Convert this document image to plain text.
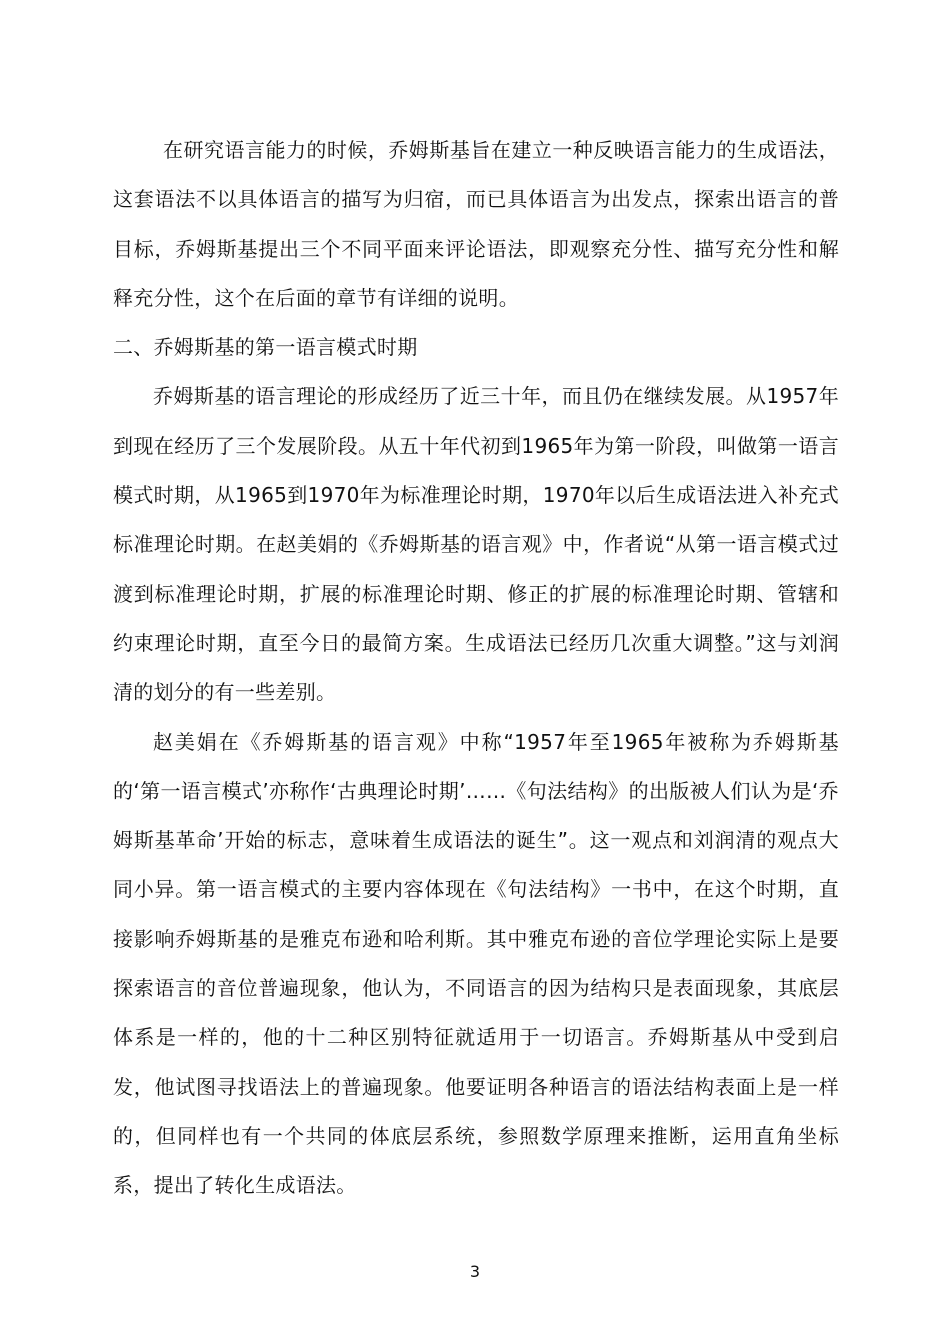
在研究语言能力的时候，乔姆斯基旨在建立一种反映语言能力的生成语法，这套语法不以具体语言的描写为归宿，而已具体语言为出发点，探索出语言的普目标，乔姆斯基提出三个不同平面来评论语法，即观察充分性、描写充分性和解释充分性，这个在后面的章节有详细的说明。

二、乔姆斯基的第一语言模式时期

乔姆斯基的语言理论的形成经历了近三十年，而且仍在继续发展。从1957年到现在经历了三个发展阶段。从五十年代初到1965年为第一阶段，叫做第一语言模式时期，从1965到1970年为标准理论时期，1970年以后生成语法进入补充式标准理论时期。在赵美娟的《乔姆斯基的语言观》中，作者说“从第一语言模式过渡到标准理论时期，扩展的标准理论时期、修正的扩展的标准理论时期、管辖和约束理论时期，直至今日的最简方案。生成语法已经历几次重大调整。”这与刘润清的划分的有一些差别。

赵美娟在《乔姆斯基的语言观》中称“1957年至1965年被称为乔姆斯基的‘第一语言模式’亦称作‘古典理论时期’……《句法结构》的出版被人们认为是‘乔姆斯基革命’开始的标志，意味着生成语法的诞生”。这一观点和刘润清的观点大同小异。第一语言模式的主要内容体现在《句法结构》一书中，在这个时期，直接影响乔姆斯基的是雅克布逊和哈利斯。其中雅克布逊的音位学理论实际上是要探索语言的音位普遍现象，他认为，不同语言的因为结构只是表面现象，其底层体系是一样的，他的十二种区别特征就适用于一切语言。乔姆斯基从中受到启发，他试图寻找语法上的普遍现象。他要证明各种语言的语法结构表面上是一样的，但同样也有一个共同的体底层系统，参照数学原理来推断，运用直角坐标系，提出了转化生成语法。

3
